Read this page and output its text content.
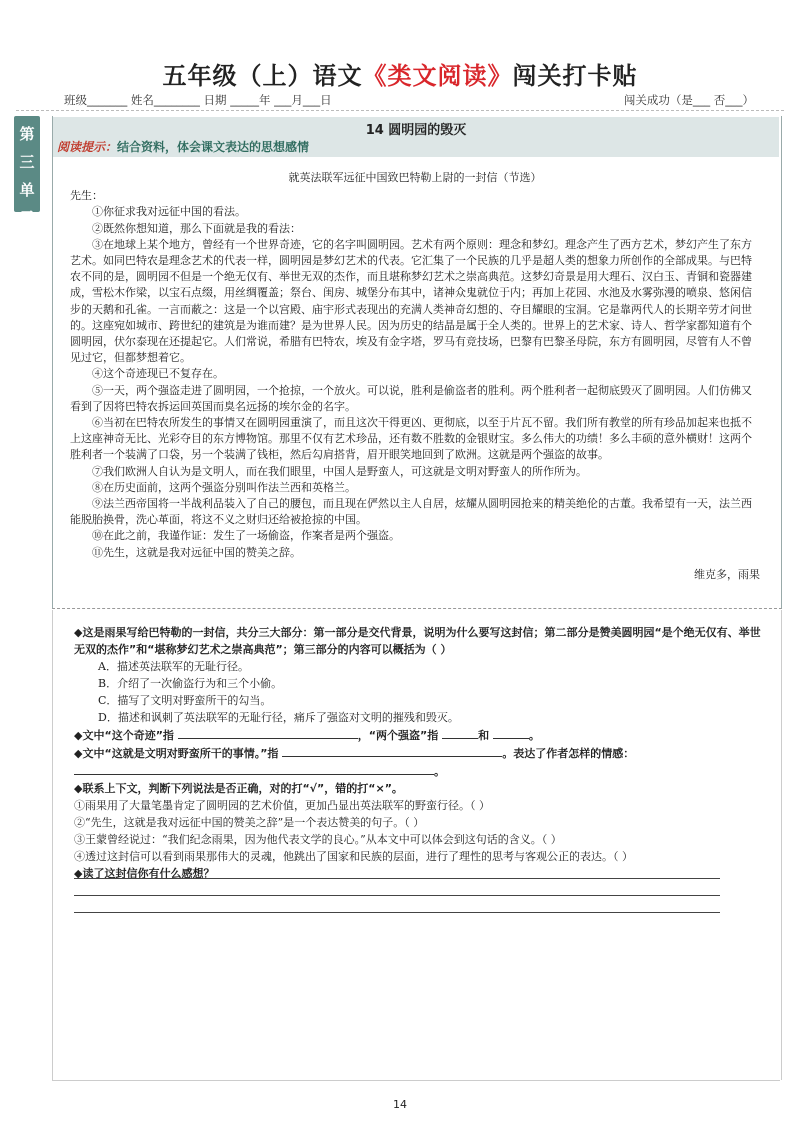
五年级（上）语文《类文阅读》闯关打卡贴
班级_______ 姓名________ 日期 _____年 ___月___日	闯关成功（是___ 否___）
第
三
单
元
14 圆明园的毁灭
阅读提示：结合资料，体会课文表达的思想感情

就英法联军远征中国致巴特勒上尉的一封信（节选）

先生：

①你征求我对远征中国的看法。

②既然你想知道，那么下面就是我的看法：

③在地球上某个地方，曾经有一个世界奇迹，它的名字叫圆明园。艺术有两个原则：理念和梦幻。理念产生了西方艺术，梦幻产生了东方艺术。如同巴特农是理念艺术的代表一样，圆明园是梦幻艺术的代表。它汇集了一个民族的几乎是超人类的想象力所创作的全部成果。与巴特农不同的是，圆明园不但是一个绝无仅有、举世无双的杰作，而且堪称梦幻艺术之崇高典范。这梦幻奇景是用大理石、汉白玉、青铜和瓷器建成，雪松木作梁，以宝石点缀，用丝绸覆盖；祭台、闺房、城堡分布其中，诸神众鬼就位于内；再加上花园、水池及水雾弥漫的喷泉、悠闲信步的天鹅和孔雀。一言而蔽之：这是一个以宫殿、庙宇形式表现出的充满人类神奇幻想的、夺目耀眼的宝洞。它是靠两代人的长期辛劳才问世的。这座宛如城市、跨世纪的建筑是为谁而建？是为世界人民。因为历史的结晶是属于全人类的。世界上的艺术家、诗人、哲学家都知道有个圆明园，伏尔泰现在还提起它。人们常说，希腊有巴特农，埃及有金字塔，罗马有竞技场，巴黎有巴黎圣母院，东方有圆明园，尽管有人不曾见过它，但都梦想着它。

④这个奇迹现已不复存在。

⑤一天，两个强盗走进了圆明园，一个抢掠，一个放火。可以说，胜利是偷盗者的胜利。两个胜利者一起彻底毁灭了圆明园。人们仿佛又看到了因将巴特农拆运回英国而臭名远扬的埃尔金的名字。

⑥当初在巴特农所发生的事情又在圆明园重演了，而且这次干得更凶、更彻底，以至于片瓦不留。我们所有教堂的所有珍品加起来也抵不上这座神奇无比、光彩夺目的东方博物馆。那里不仅有艺术珍品，还有数不胜数的金银财宝。多么伟大的功绩！多么丰硕的意外横财！这两个胜利者一个装满了口袋，另一个装满了钱柜，然后勾肩搭背，眉开眼笑地回到了欧洲。这就是两个强盗的故事。

⑦我们欧洲人自认为是文明人，而在我们眼里，中国人是野蛮人，可这就是文明对野蛮人的所作所为。

⑧在历史面前，这两个强盗分别叫作法兰西和英格兰。

⑨法兰西帝国将一半战利品装入了自己的腰包，而且现在俨然以主人自居，炫耀从圆明园抢来的精美绝伦的古董。我希望有一天，法兰西能脱胎换骨，洗心革面，将这不义之财归还给被抢掠的中国。

⑩在此之前，我谨作证：发生了一场偷盗，作案者是两个强盗。

⑪先生，这就是我对远征中国的赞美之辞。

维克多，雨果

◆这是雨果写给巴特勒的一封信，共分三大部分：第一部分是交代背景，说明为什么要写这封信；第二部分是赞美圆明园“是个绝无仅有、举世无双的杰作”和“堪称梦幻艺术之崇高典范”；第三部分的内容可以概括为（ ）

A．描述英法联军的无耻行径。

B．介绍了一次偷盗行为和三个小偷。

C．描写了文明对野蛮所干的勾当。

D．描述和讽刺了英法联军的无耻行径，痛斥了强盗对文明的摧残和毁灭。

◆文中“这个奇迹”指	，“两个强盗”指	和	。

◆文中“这就是文明对野蛮所干的事情。”指	。表达了作者怎样的情感： 。

◆联系上下文，判断下列说法是否正确，对的打“√”，错的打“×”。

①雨果用了大量笔墨肯定了圆明园的艺术价值，更加凸显出英法联军的野蛮行径。（ ）

②“先生，这就是我对远征中国的赞美之辞”是一个表达赞美的句子。（ ）

③王蒙曾经说过：“我们纪念雨果，因为他代表文学的良心。”从本文中可以体会到这句话的含义。（ ）

④透过这封信可以看到雨果那伟大的灵魂，他跳出了国家和民族的层面，进行了理性的思考与客观公正的表达。（ ）

◆读了这封信你有什么感想？

14
